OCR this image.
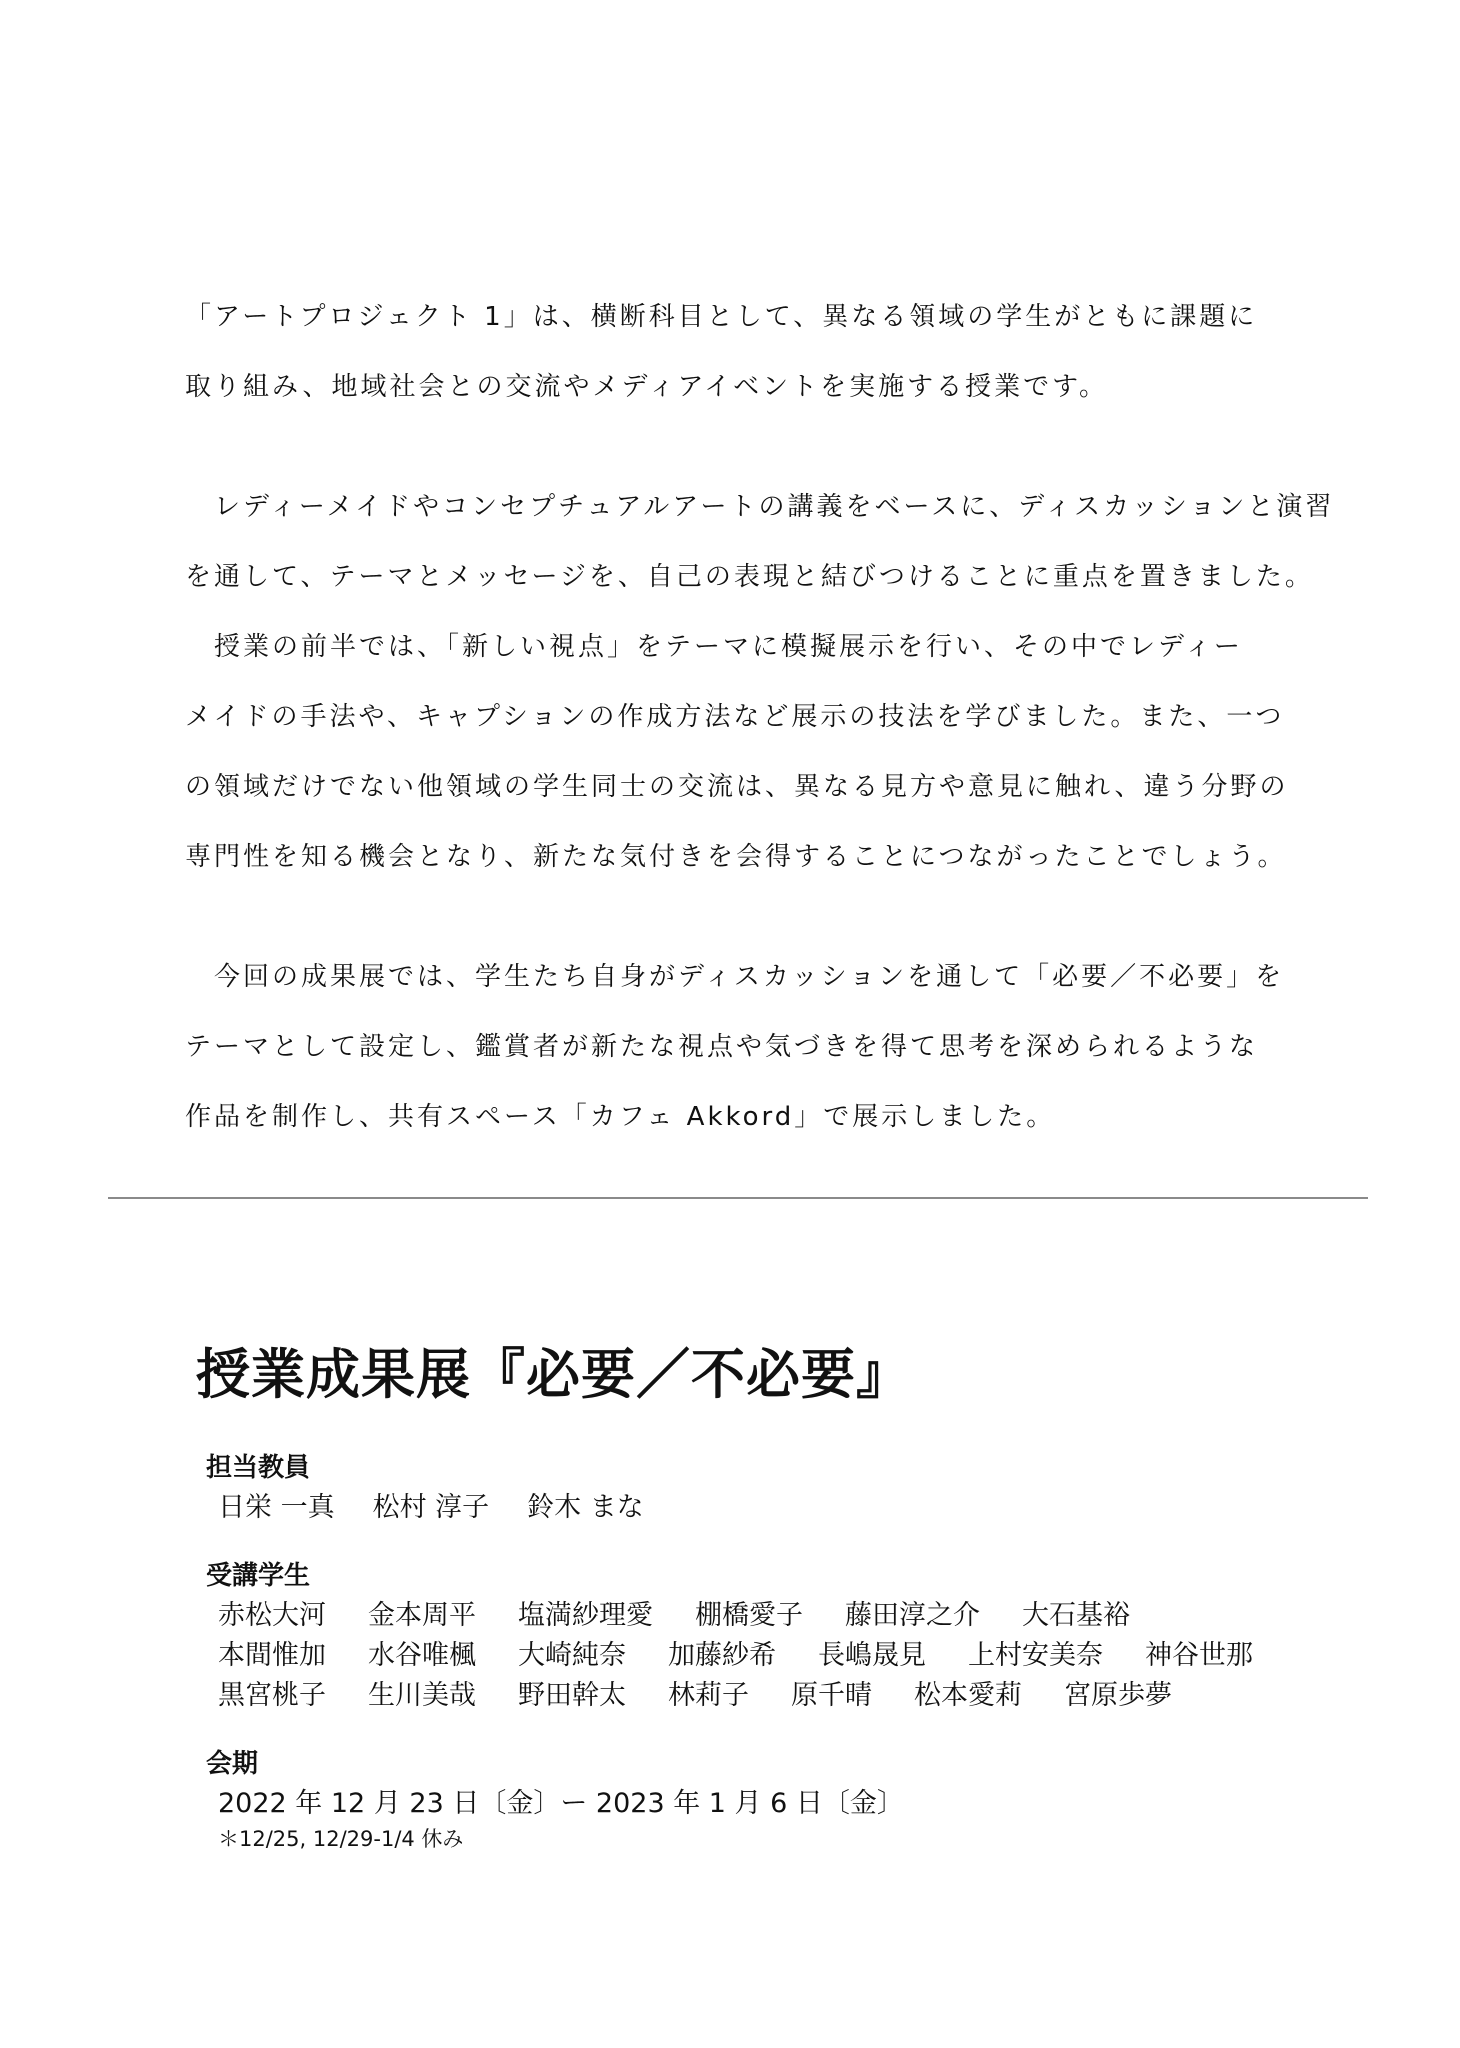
「アートプロジェクト 1」は、横断科目として、異なる領域の学生がともに課題に
取り組み、地域社会との交流やメディアイベントを実施する授業です。
　レディーメイドやコンセプチュアルアートの講義をベースに、ディスカッションと演習
を通して、テーマとメッセージを、自己の表現と結びつけることに重点を置きました。
　授業の前半では、「新しい視点」をテーマに模擬展示を行い、その中でレディー
メイドの手法や、キャプションの作成方法など展示の技法を学びました。また、一つ
の領域だけでない他領域の学生同士の交流は、異なる見方や意見に触れ、違う分野の
専門性を知る機会となり、新たな気付きを会得することにつながったことでしょう。
　今回の成果展では、学生たち自身がディスカッションを通して「必要／不必要」を
テーマとして設定し、鑑賞者が新たな視点や気づきを得て思考を深められるような
作品を制作し、共有スペース「カフェ Akkord」で展示しました。
授業成果展『必要／不必要』
担当教員
日栄 一真 松村 淳子 鈴木 まな
受講学生
赤松大河 金本周平 塩満紗理愛 棚橋愛子 藤田淳之介 大石基裕
本間惟加 水谷唯楓 大崎純奈 加藤紗希 長嶋晟見 上村安美奈 神谷世那
黒宮桃子 生川美哉 野田幹太 林莉子 原千晴 松本愛莉 宮原歩夢
会期
2022 年 12 月 23 日〔金〕ー 2023 年 1 月 6 日〔金〕
＊12/25, 12/29-1/4 休み
